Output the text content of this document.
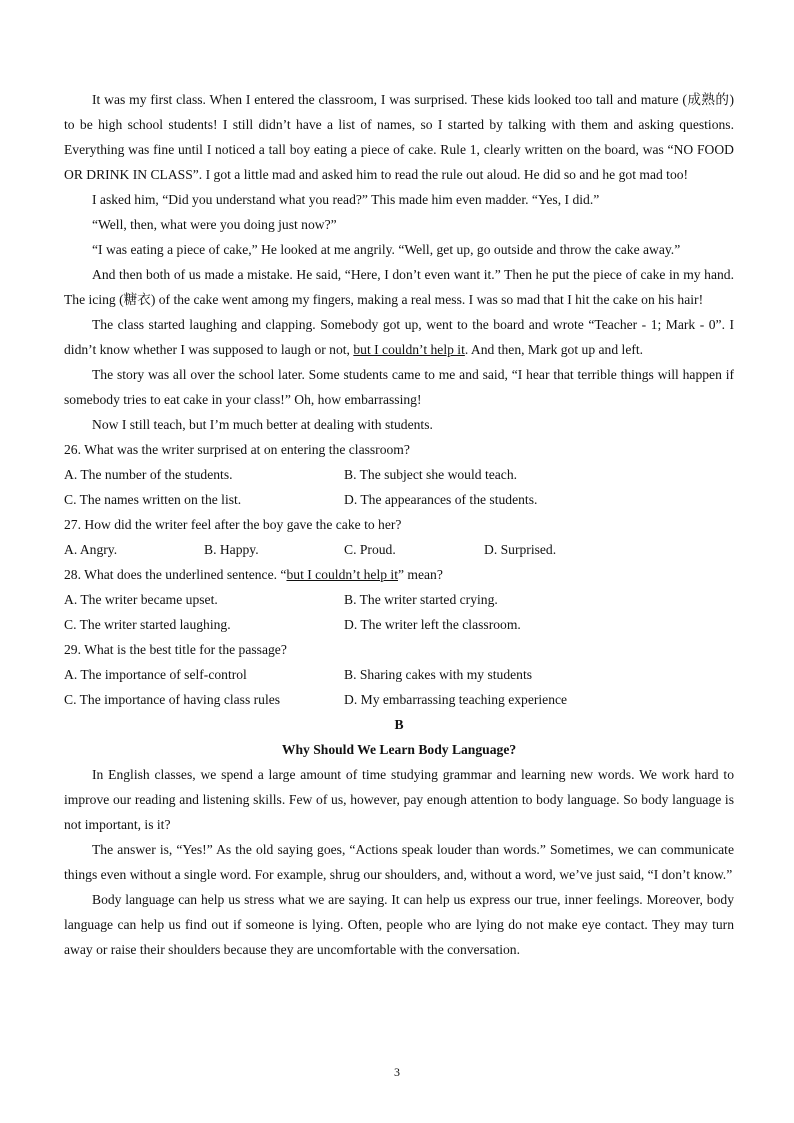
It was my first class. When I entered the classroom, I was surprised. These kids looked too tall and mature (成熟的) to be high school students! I still didn’t have a list of names, so I started by talking with them and asking questions. Everything was fine until I noticed a tall boy eating a piece of cake. Rule 1, clearly written on the board, was “NO FOOD OR DRINK IN CLASS”. I got a little mad and asked him to read the rule out aloud. He did so and he got mad too!

I asked him, “Did you understand what you read?” This made him even madder. “Yes, I did.”

“Well, then, what were you doing just now?”

“I was eating a piece of cake,” He looked at me angrily. “Well, get up, go outside and throw the cake away.”

And then both of us made a mistake. He said, “Here, I don’t even want it.” Then he put the piece of cake in my hand. The icing (糖衣) of the cake went among my fingers, making a real mess. I was so mad that I hit the cake on his hair!

The class started laughing and clapping. Somebody got up, went to the board and wrote “Teacher - 1; Mark - 0”. I didn’t know whether I was supposed to laugh or not, but I couldn’t help it. And then, Mark got up and left.

The story was all over the school later. Some students came to me and said, “I hear that terrible things will happen if somebody tries to eat cake in your class!” Oh, how embarrassing!

Now I still teach, but I’m much better at dealing with students.

26. What was the writer surprised at on entering the classroom?

A. The number of the students.	B. The subject she would teach.
C. The names written on the list.	D. The appearances of the students.

27. How did the writer feel after the boy gave the cake to her?

A. Angry.	B. Happy.	C. Proud.	D. Surprised.

28. What does the underlined sentence. “but I couldn’t help it” mean?

A. The writer became upset.	B. The writer started crying.
C. The writer started laughing.	D. The writer left the classroom.

29. What is the best title for the passage?

A. The importance of self-control	B. Sharing cakes with my students
C. The importance of having class rules	D. My embarrassing teaching experience

B

Why Should We Learn Body Language?

In English classes, we spend a large amount of time studying grammar and learning new words. We work hard to improve our reading and listening skills. Few of us, however, pay enough attention to body language. So body language is not important, is it?

The answer is, “Yes!” As the old saying goes, “Actions speak louder than words.” Sometimes, we can communicate things even without a single word. For example, shrug our shoulders, and, without a word, we’ve just said, “I don’t know.”

Body language can help us stress what we are saying. It can help us express our true, inner feelings. Moreover, body language can help us find out if someone is lying. Often, people who are lying do not make eye contact. They may turn away or raise their shoulders because they are uncomfortable with the conversation.

3
